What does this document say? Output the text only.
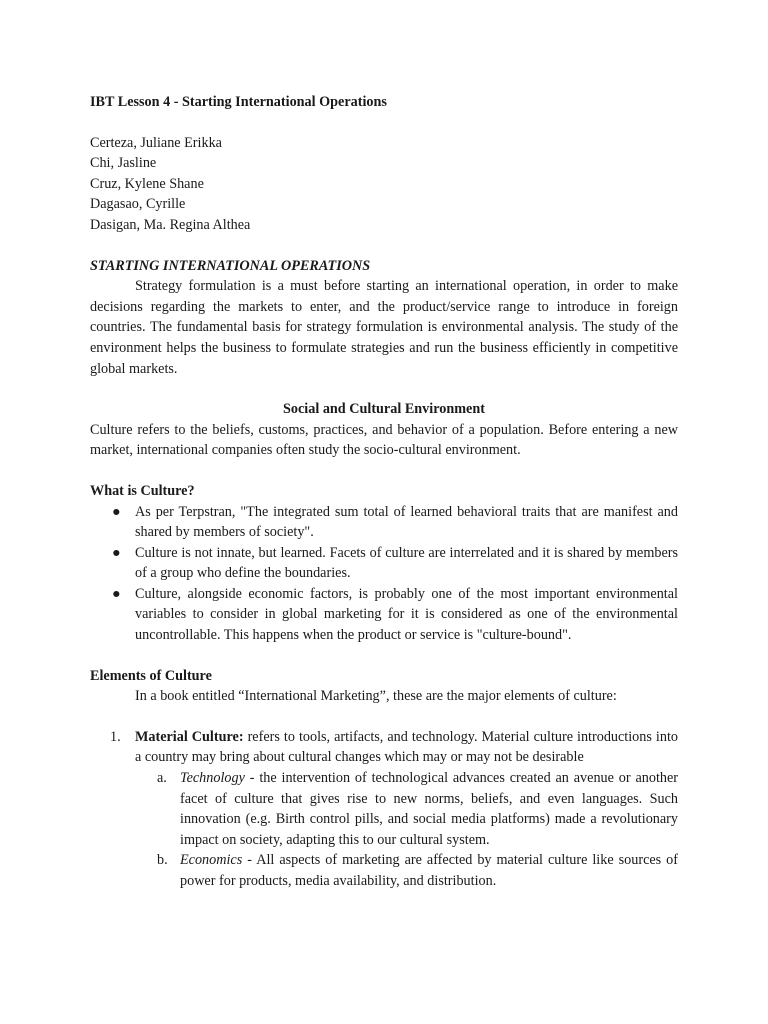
IBT Lesson 4 - Starting International Operations

Certeza, Juliane Erikka
Chi, Jasline
Cruz, Kylene Shane
Dagasao, Cyrille
Dasigan, Ma. Regina Althea
STARTING INTERNATIONAL OPERATIONS

Strategy formulation is a must before starting an international operation, in order to make decisions regarding the markets to enter, and the product/service range to introduce in foreign countries. The fundamental basis for strategy formulation is environmental analysis. The study of the environment helps the business to formulate strategies and run the business efficiently in competitive global markets.

Social and Cultural Environment

Culture refers to the beliefs, customs, practices, and behavior of a population. Before entering a new market, international companies often study the socio-cultural environment.

What is Culture?
● As per Terpstran, "The integrated sum total of learned behavioral traits that are manifest and shared by members of society".
● Culture is not innate, but learned. Facets of culture are interrelated and it is shared by members of a group who define the boundaries.
● Culture, alongside economic factors, is probably one of the most important environmental variables to consider in global marketing for it is considered as one of the environmental uncontrollable. This happens when the product or service is "culture-bound".
Elements of Culture

In a book entitled “International Marketing”, these are the major elements of culture:

1. Material Culture: refers to tools, artifacts, and technology. Material culture introductions into a country may bring about cultural changes which may or may not be desirable
a. Technology - the intervention of technological advances created an avenue or another facet of culture that gives rise to new norms, beliefs, and even languages. Such innovation (e.g. Birth control pills, and social media platforms) made a revolutionary impact on society, adapting this to our cultural system.
b. Economics - All aspects of marketing are affected by material culture like sources of power for products, media availability, and distribution.
